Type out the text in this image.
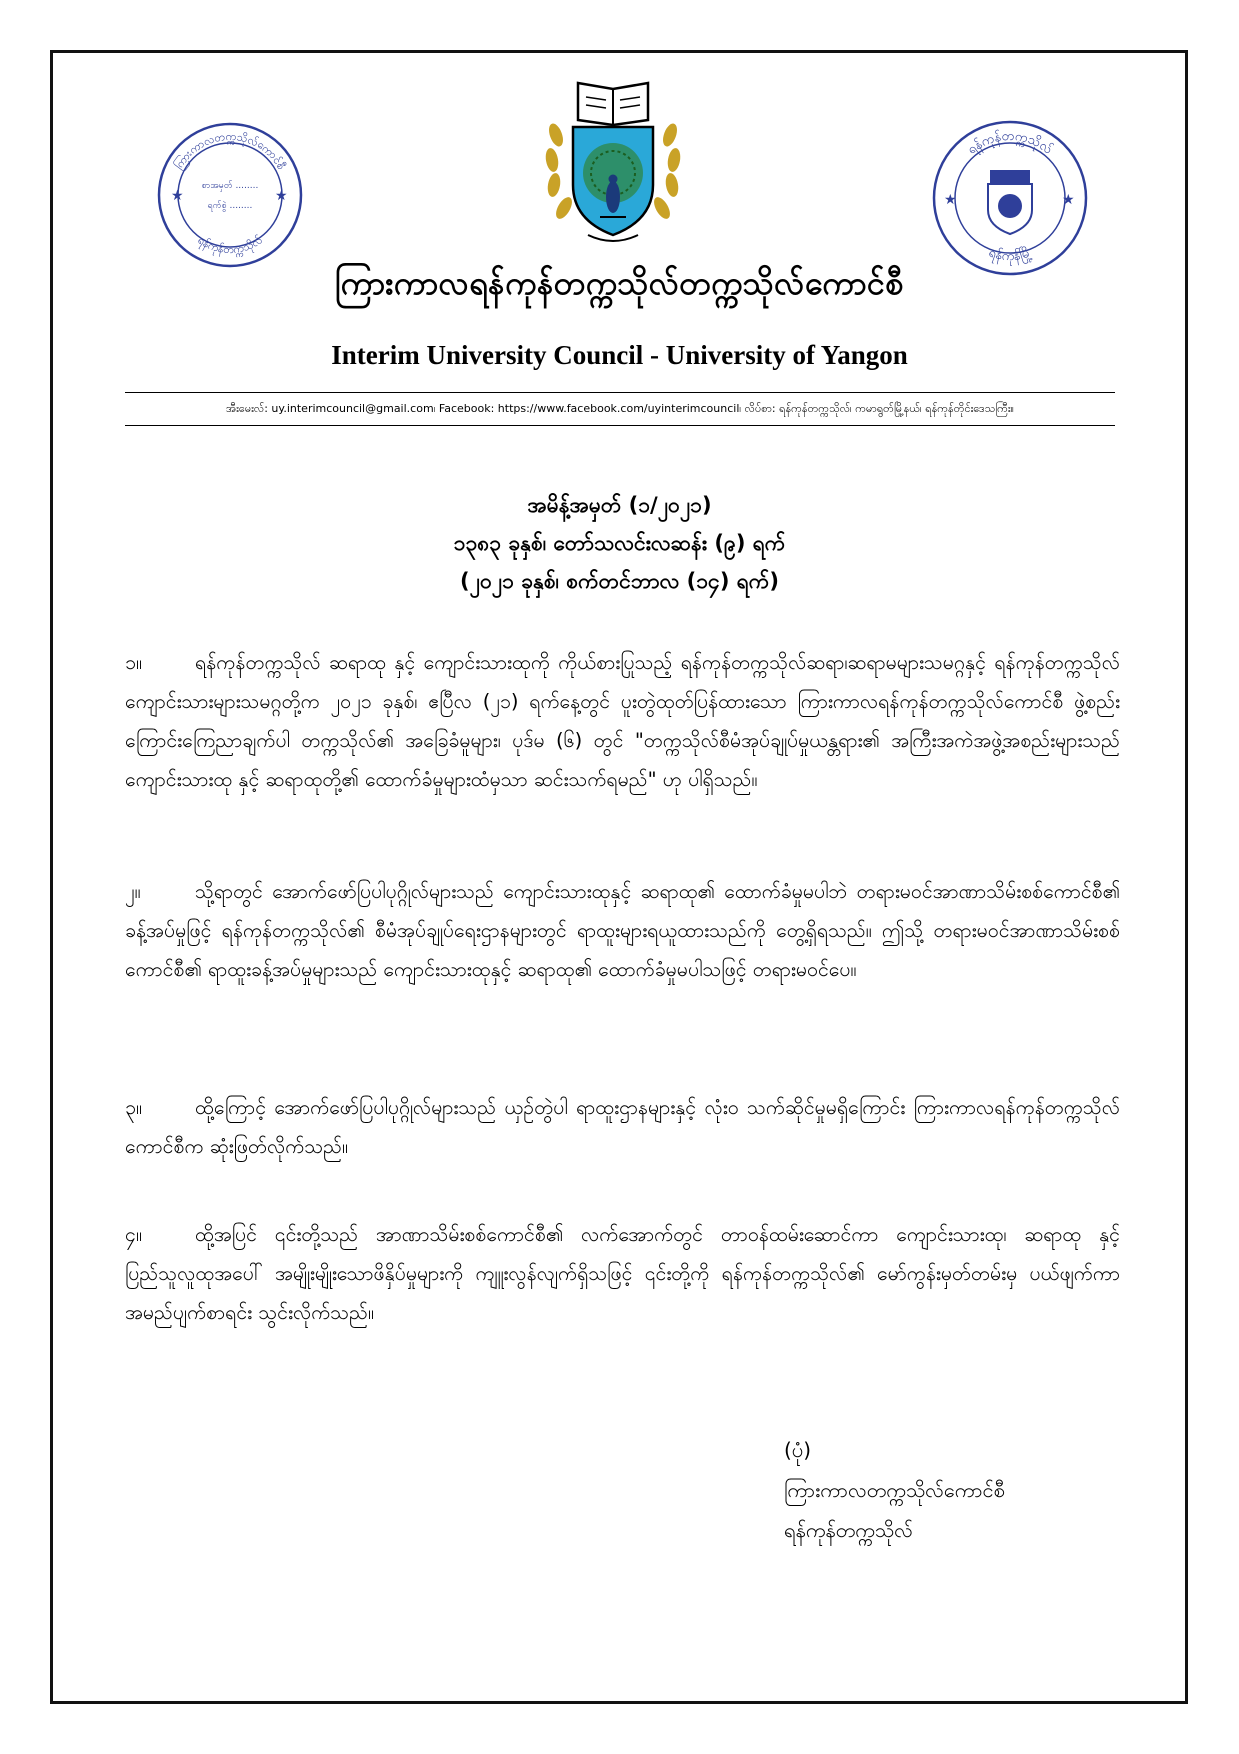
ကြားကာလတက္ကသိုလ်ကောင်စီ
ရန်ကုန်တက္ကသိုလ်
စာအမှတ် ........
ရက်စွဲ ........
★	★
ရန်ကုန်တက္ကသိုလ်
ရန်ကုန်မြို့
★	★
ကြားကာလရန်ကုန်တက္ကသိုလ်တက္ကသိုလ်ကောင်စီ
Interim University Council - University of Yangon
အီးမေးလ်: uy.interimcouncil@gmail.com၊ Facebook: https://www.facebook.com/uyinterimcouncil၊ လိပ်စာ: ရန်ကုန်တက္ကသိုလ်၊ ကမာရွတ်မြို့နယ်၊ ရန်ကုန်တိုင်းဒေသကြီး။
အမိန့်အမှတ် (၁/၂၀၂၁)
၁၃၈၃ ခုနှစ်၊ တော်သလင်းလဆန်း (၉) ရက်
(၂၀၂၁ ခုနှစ်၊ စက်တင်ဘာလ (၁၄) ရက်)
၁။	ရန်ကုန်တက္ကသိုလ် ဆရာထု နှင့် ကျောင်းသားထုကို ကိုယ်စားပြုသည့် ရန်ကုန်တက္ကသိုလ်ဆရာ၊ဆရာမများသမဂ္ဂနှင့် ရန်ကုန်တက္ကသိုလ်ကျောင်းသားများသမဂ္ဂတို့က ၂၀၂၁ ခုနှစ်၊ ဧပြီလ (၂၁) ရက်နေ့တွင် ပူးတွဲထုတ်ပြန်ထားသော ကြားကာလရန်ကုန်တက္ကသိုလ်ကောင်စီ ဖွဲ့စည်းကြောင်းကြေညာချက်ပါ တက္ကသိုလ်၏ အခြေခံမူများ၊ ပုဒ်မ (၆) တွင် "တက္ကသိုလ်စီမံအုပ်ချုပ်မှုယန္တရား၏ အကြီးအကဲအဖွဲ့အစည်းများသည် ကျောင်းသားထု နှင့် ဆရာထုတို့၏ ထောက်ခံမှုများထံမှသာ ဆင်းသက်ရမည်" ဟု ပါရှိသည်။
၂။	သို့ရာတွင် အောက်ဖော်ပြပါပုဂ္ဂိုလ်များသည် ကျောင်းသားထုနှင့် ဆရာထု၏ ထောက်ခံမှုမပါဘဲ တရားမဝင်အာဏာသိမ်းစစ်ကောင်စီ၏ ခန့်အပ်မှုဖြင့် ရန်ကုန်တက္ကသိုလ်၏ စီမံအုပ်ချုပ်ရေးဌာနများတွင် ရာထူးများရယူထားသည်ကို တွေ့ရှိရသည်။ ဤသို့ တရားမဝင်အာဏာသိမ်းစစ်ကောင်စီ၏ ရာထူးခန့်အပ်မှုများသည် ကျောင်းသားထုနှင့် ဆရာထု၏ ထောက်ခံမှုမပါသဖြင့် တရားမဝင်ပေ။
၃။	ထို့ကြောင့် အောက်ဖော်ပြပါပုဂ္ဂိုလ်များသည် ယှဉ်တွဲပါ ရာထူးဌာနများနှင့် လုံးဝ သက်ဆိုင်မှုမရှိကြောင်း ကြားကာလရန်ကုန်တက္ကသိုလ်ကောင်စီက ဆုံးဖြတ်လိုက်သည်။
၄။	ထို့အပြင် ၎င်းတို့သည် အာဏာသိမ်းစစ်ကောင်စီ၏ လက်အောက်တွင် တာဝန်ထမ်းဆောင်ကာ ကျောင်းသားထု၊ ဆရာထု နှင့် ပြည်သူလူထုအပေါ် အမျိုးမျိုးသောဖိနှိပ်မှုများကို ကျူးလွန်လျက်ရှိသဖြင့် ၎င်းတို့ကို ရန်ကုန်တက္ကသိုလ်၏ မော်ကွန်းမှတ်တမ်းမှ ပယ်ဖျက်ကာ အမည်ပျက်စာရင်း သွင်းလိုက်သည်။
(ပုံ)
ကြားကာလတက္ကသိုလ်ကောင်စီ
ရန်ကုန်တက္ကသိုလ်
